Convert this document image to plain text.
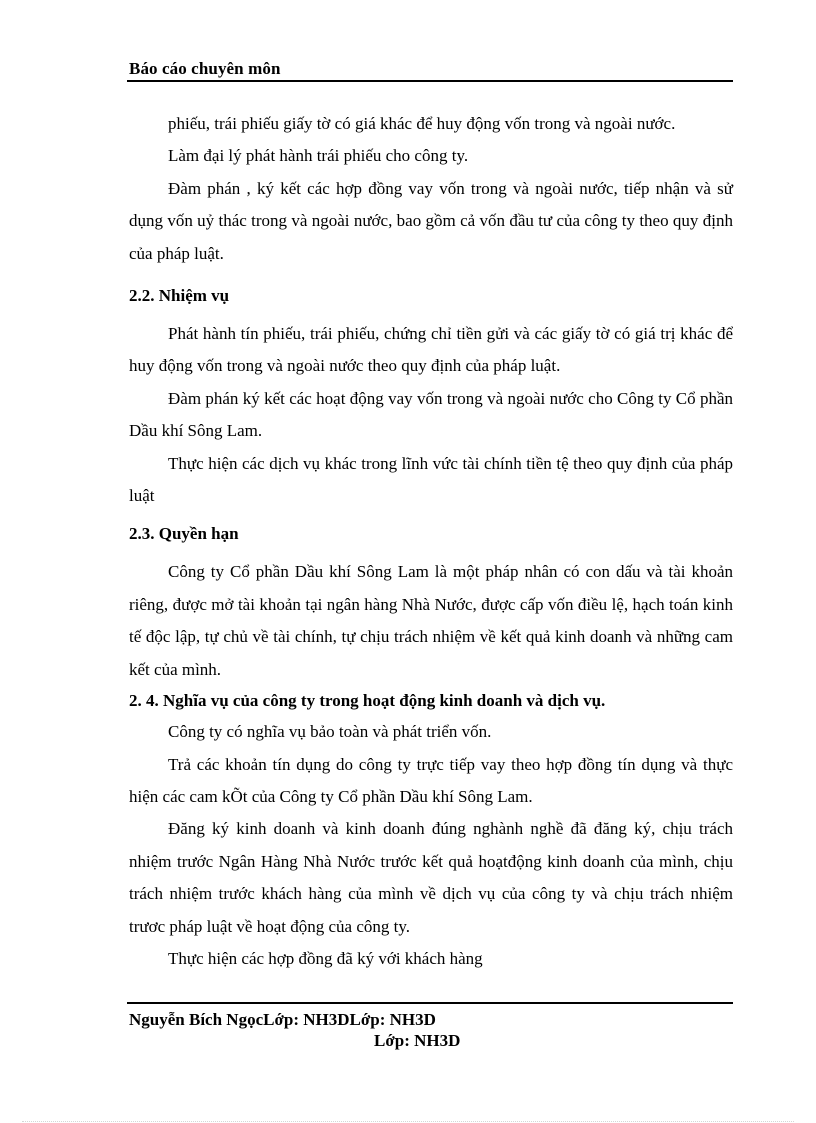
Báo cáo chuyên môn

phiếu, trái phiếu giấy tờ có giá khác để huy động vốn trong và ngoài nước.

Làm đại lý phát hành trái phiếu cho công ty.

Đàm phán , ký kết các hợp đồng vay vốn trong và ngoài nước, tiếp nhận và sử dụng vốn uỷ thác trong và ngoài nước, bao gồm cả vốn đầu tư của công ty theo quy định của pháp luật.

2.2. Nhiệm vụ

Phát hành tín phiếu, trái phiếu, chứng chỉ tiền gửi và các giấy tờ có giá trị khác để huy động vốn trong và ngoài nước theo quy định của pháp luật.

Đàm phán ký kết các hoạt động vay vốn trong và ngoài nước cho Công ty Cổ phần Dầu khí Sông Lam.

Thực hiện các dịch vụ khác trong lĩnh vức tài chính tiền tệ theo quy định của pháp luật

2.3. Quyền hạn

Công ty Cổ phần Dầu khí Sông Lam là một pháp nhân có con dấu và tài khoản riêng, được mở tài khoản tại ngân hàng Nhà Nước, được cấp vốn điều lệ, hạch toán kinh tế độc lập, tự chủ về tài chính, tự chịu trách nhiệm về kết quả kinh doanh và những cam kết của mình.

2. 4. Nghĩa vụ của công ty trong hoạt động kinh doanh và dịch vụ.

Công ty có nghĩa vụ bảo toàn và phát triển vốn.

Trả các khoản tín dụng do công ty trực tiếp vay theo hợp đồng tín dụng và thực hiện các cam kÕt của Công ty Cổ phần Dầu khí Sông Lam.

Đăng ký kinh doanh và kinh doanh đúng nghành nghề đã đăng ký, chịu trách nhiệm trước Ngân Hàng Nhà Nước trước kết quả hoạtđộng kinh doanh của mình, chịu trách nhiệm trước khách hàng của mình về dịch vụ của công ty và chịu trách nhiệm trươc pháp luật về hoạt động của công ty.

Thực hiện các hợp đồng đã ký với khách hàng

Nguyễn Bích NgọcLớp: NH3DLớp: NH3D
Lớp: NH3D
